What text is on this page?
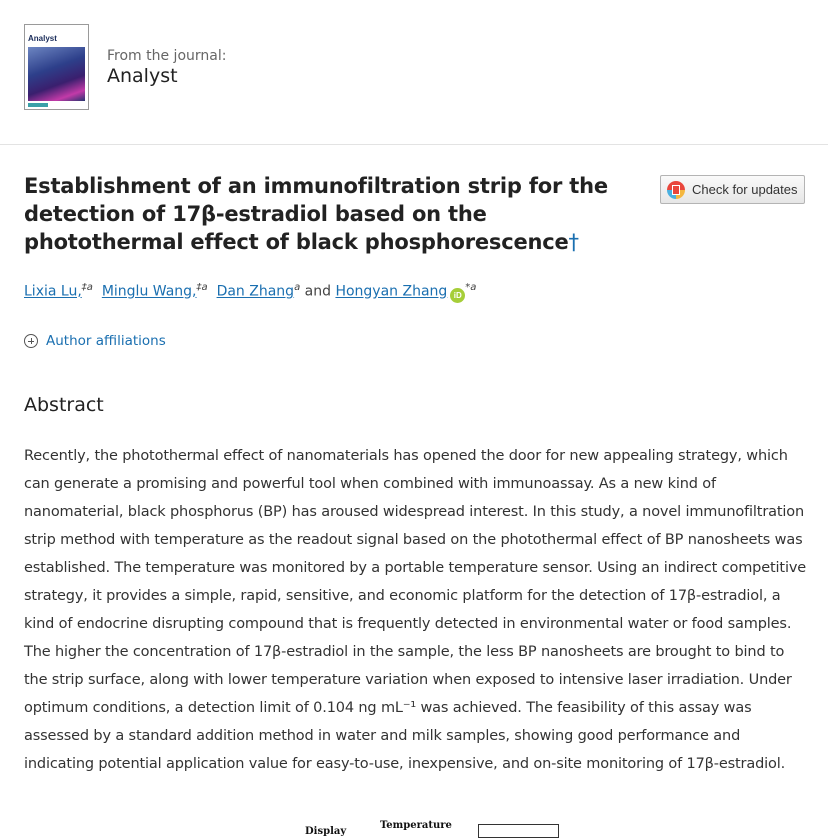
Analyst
From the journal:
Analyst
Establishment of an immunofiltration strip for the detection of 17β-estradiol based on the photothermal effect of black phosphorescence†
Check for updates
Lixia Lu,$^{\ddagger a}$ Minglu Wang,$^{\ddagger a}$ Dan Zhang$^a$ and Hongyan Zhang $iD^{*a}$
Author affiliations
Abstract

Recently, the photothermal effect of nanomaterials has opened the door for new appealing strategy, which can generate a promising and powerful tool when combined with immunoassay. As a new kind of nanomaterial, black phosphorus (BP) has aroused widespread interest. In this study, a novel immunofiltration strip method with temperature as the readout signal based on the photothermal effect of BP nanosheets was established. The temperature was monitored by a portable temperature sensor. Using an indirect competitive strategy, it provides a simple, rapid, sensitive, and economic platform for the detection of 17β-estradiol, a kind of endocrine disrupting compound that is frequently detected in environmental water or food samples. The higher the concentration of 17β-estradiol in the sample, the less BP nanosheets are brought to bind to the strip surface, along with lower temperature variation when exposed to intensive laser irradiation. Under optimum conditions, a detection limit of 0.104 ng mL⁻¹ was achieved. The feasibility of this assay was assessed by a standard addition method in water and milk samples, showing good performance and indicating potential application value for easy-to-use, inexpensive, and on-site monitoring of 17β-estradiol.

Display
Temperature
